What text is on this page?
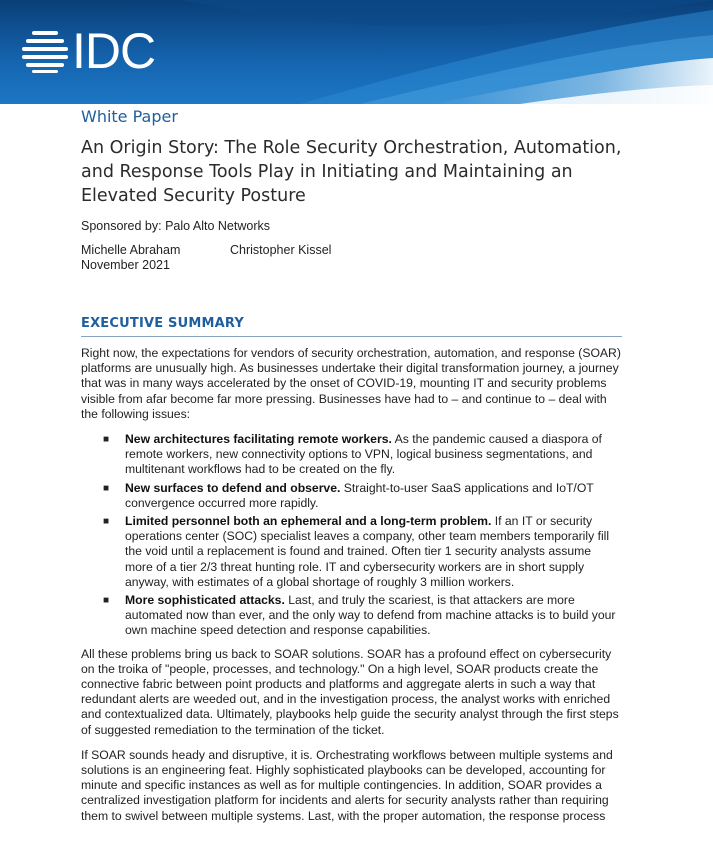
IDC
White Paper
An Origin Story: The Role Security Orchestration, Automation, and Response Tools Play in Initiating and Maintaining an Elevated Security Posture
Sponsored by: Palo Alto Networks
Michelle Abraham	Christopher Kissel
November 2021
EXECUTIVE SUMMARY

Right now, the expectations for vendors of security orchestration, automation, and response (SOAR) platforms are unusually high. As businesses undertake their digital transformation journey, a journey that was in many ways accelerated by the onset of COVID-19, mounting IT and security problems visible from afar become far more pressing. Businesses have had to – and continue to – deal with the following issues:

■ New architectures facilitating remote workers. As the pandemic caused a diaspora of remote workers, new connectivity options to VPN, logical business segmentations, and multitenant workflows had to be created on the fly.
■ New surfaces to defend and observe. Straight-to-user SaaS applications and IoT/OT convergence occurred more rapidly.
■ Limited personnel both an ephemeral and a long-term problem. If an IT or security operations center (SOC) specialist leaves a company, other team members temporarily fill the void until a replacement is found and trained. Often tier 1 security analysts assume more of a tier 2/3 threat hunting role. IT and cybersecurity workers are in short supply anyway, with estimates of a global shortage of roughly 3 million workers.
■ More sophisticated attacks. Last, and truly the scariest, is that attackers are more automated now than ever, and the only way to defend from machine attacks is to build your own machine speed detection and response capabilities.

All these problems bring us back to SOAR solutions. SOAR has a profound effect on cybersecurity on the troika of "people, processes, and technology." On a high level, SOAR products create the connective fabric between point products and platforms and aggregate alerts in such a way that redundant alerts are weeded out, and in the investigation process, the analyst works with enriched and contextualized data. Ultimately, playbooks help guide the security analyst through the first steps of suggested remediation to the termination of the ticket.

If SOAR sounds heady and disruptive, it is. Orchestrating workflows between multiple systems and solutions is an engineering feat. Highly sophisticated playbooks can be developed, accounting for minute and specific instances as well as for multiple contingencies. In addition, SOAR provides a centralized investigation platform for incidents and alerts for security analysts rather than requiring them to swivel between multiple systems. Last, with the proper automation, the response process
